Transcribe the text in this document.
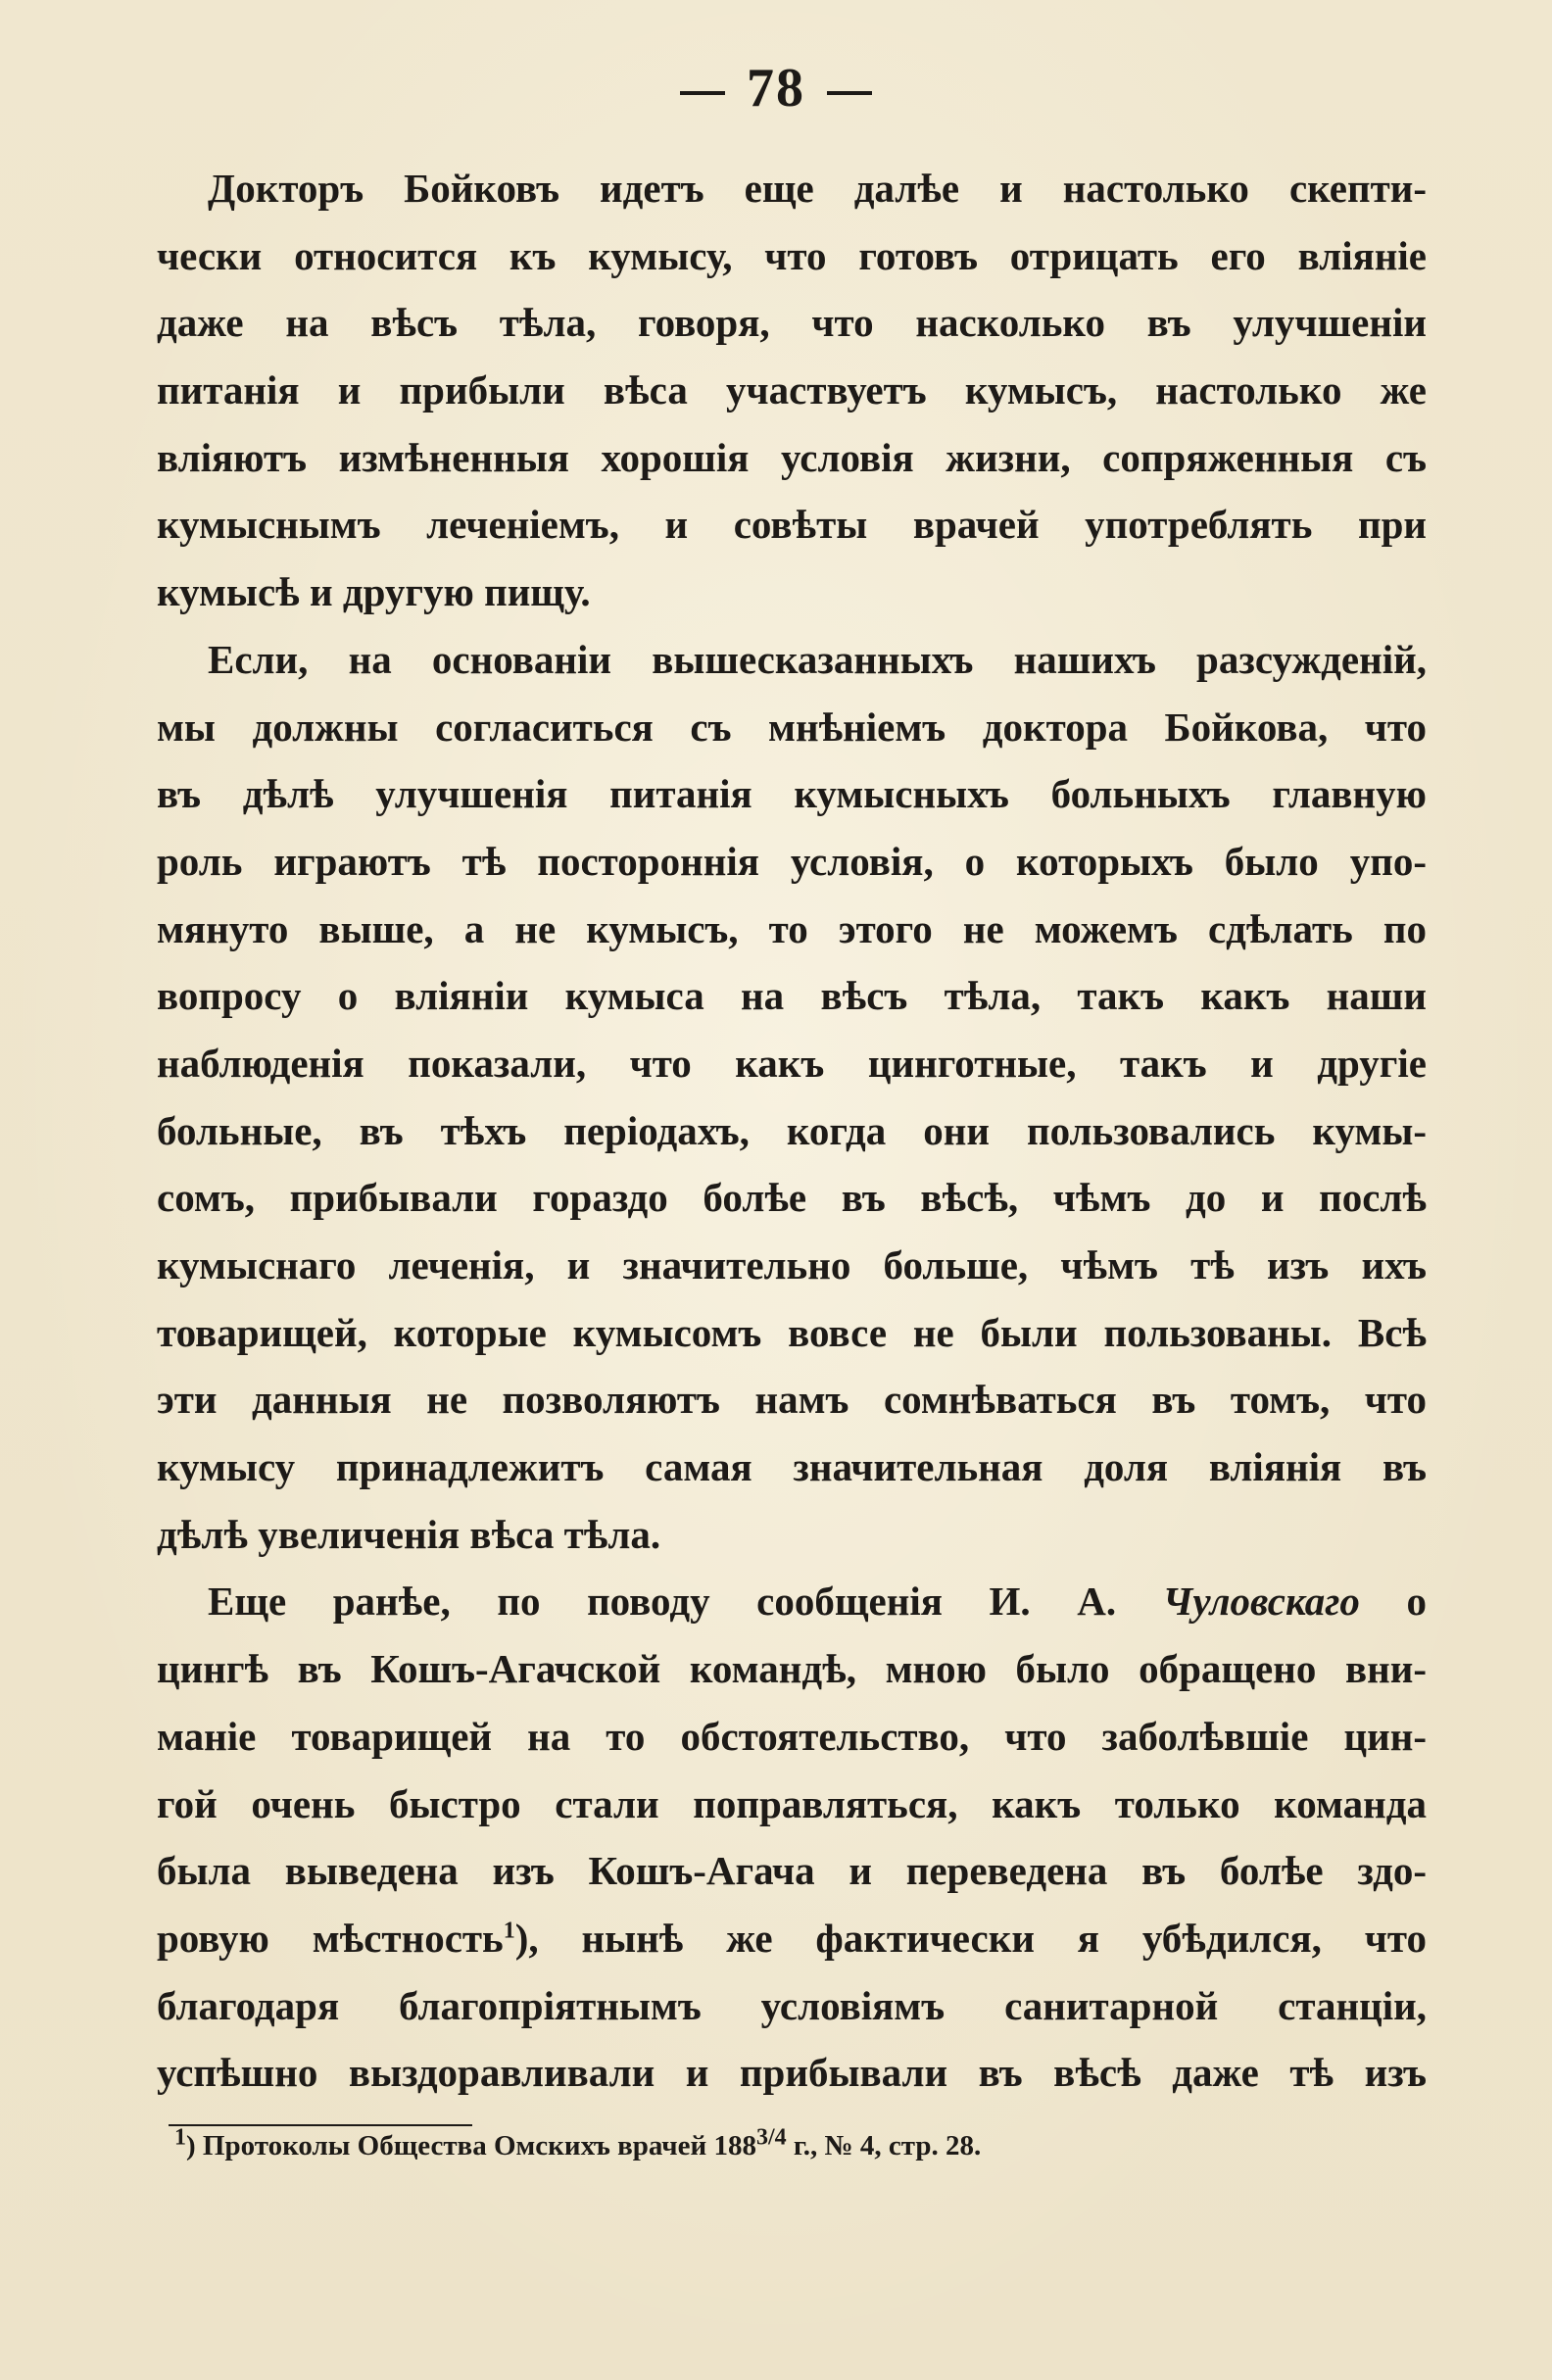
78
Докторъ Бойковъ идетъ еще далѣе и настолько скепти-
чески относится къ кумысу, что готовъ отрицать его вліяніе
даже на вѣсъ тѣла, говоря, что насколько въ улучшеніи
питанія и прибыли вѣса участвуетъ кумысъ, настолько же
вліяютъ измѣненныя хорошія условія жизни, сопряженныя съ
кумыснымъ леченіемъ, и совѣты врачей употреблять при
кумысѣ и другую пищу.
Если, на основаніи вышесказанныхъ нашихъ разсужденій,
мы должны согласиться съ мнѣніемъ доктора Бойкова, что
въ дѣлѣ улучшенія питанія кумысныхъ больныхъ главную
роль играютъ тѣ постороннія условія, о которыхъ было упо-
мянуто выше, а не кумысъ, то этого не можемъ сдѣлать по
вопросу о вліяніи кумыса на вѣсъ тѣла, такъ какъ наши
наблюденія показали, что какъ цинготные, такъ и другіе
больные, въ тѣхъ періодахъ, когда они пользовались кумы-
сомъ, прибывали гораздо болѣе въ вѣсѣ, чѣмъ до и послѣ
кумыснаго леченія, и значительно больше, чѣмъ тѣ изъ ихъ
товарищей, которые кумысомъ вовсе не были пользованы. Всѣ
эти данныя не позволяютъ намъ сомнѣваться въ томъ, что
кумысу принадлежитъ самая значительная доля вліянія въ
дѣлѣ увеличенія вѣса тѣла.
Еще ранѣе, по поводу сообщенія И. А. Чуловскаго о
цингѣ въ Кошъ-Агачской командѣ, мною было обращено вни-
маніе товарищей на то обстоятельство, что заболѣвшіе цин-
гой очень быстро стали поправляться, какъ только команда
была выведена изъ Кошъ-Агача и переведена въ болѣе здо-
ровую мѣстность$^1$), нынѣ же фактически я убѣдился, что
благодаря благопріятнымъ условіямъ санитарной станціи,
успѣшно выздоравливали и прибывали въ вѣсѣ даже тѣ изъ
$^1$) Протоколы Общества Омскихъ врачей $188^{3/4}$ г., № 4, стр. 28.
